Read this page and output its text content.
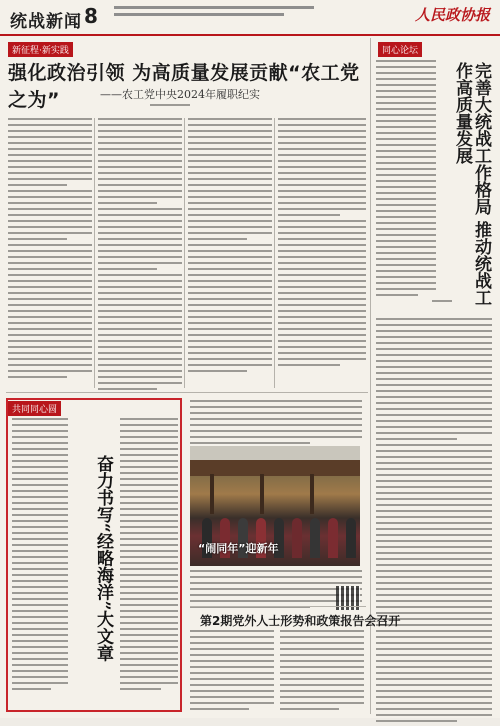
统战新闻 8	人民政协报
新征程·新实践
强化政治引领 为高质量发展贡献“农工党之为”	——农工党中央2024年履职纪实
同心论坛
完善大统战工作格局 推动统战工作高质量发展
共同同心圆
奋力书写“经略海洋”大文章	“闹同年”迎新年
第2期党外人士形势和政策报告会召开
